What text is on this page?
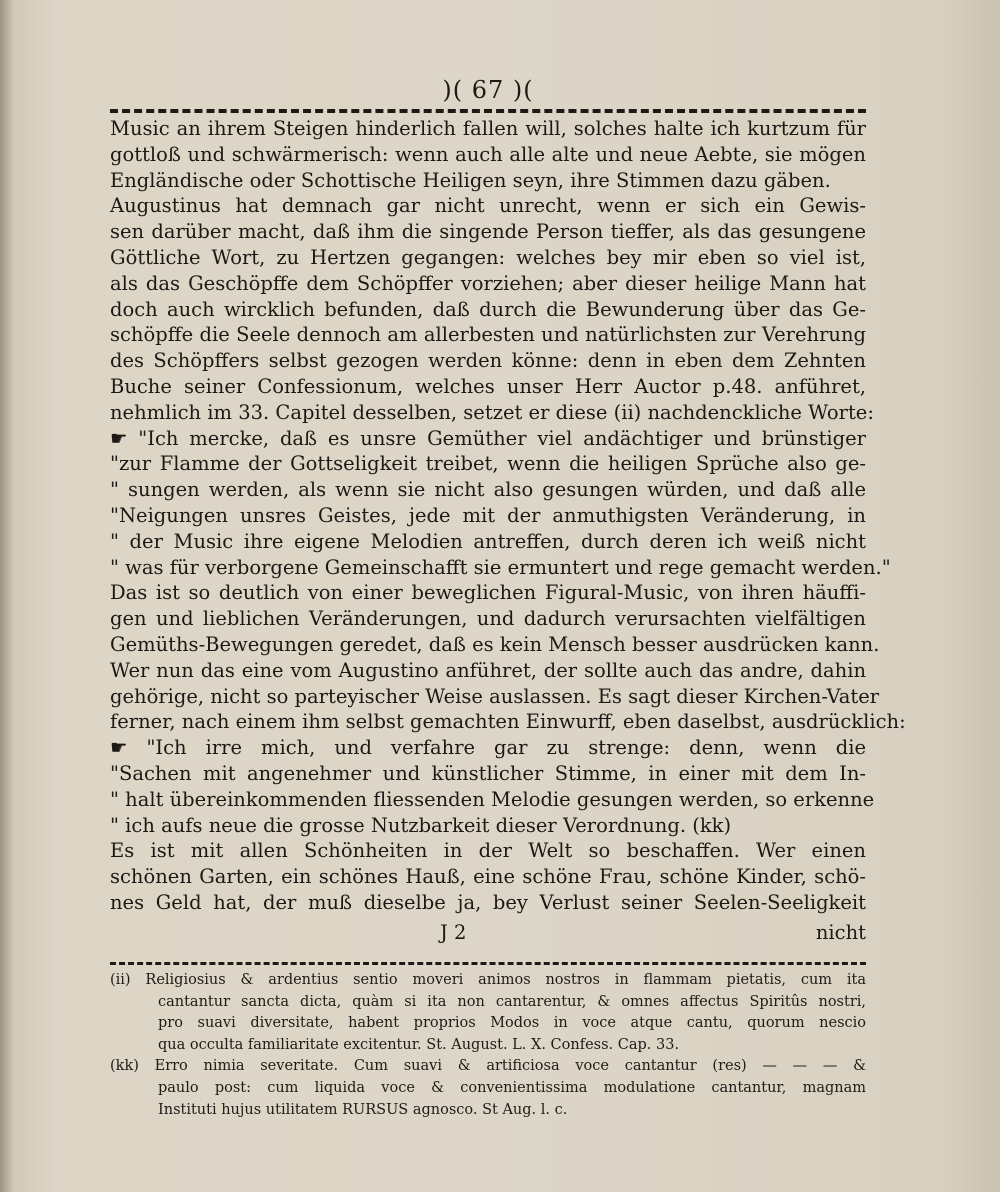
)( 67 )(
Music an ihrem Steigen hinderlich fallen will, solches halte ich kurtzum für
gottloß und schwärmerisch: wenn auch alle alte und neue Aebte, sie mögen
Engländische oder Schottische Heiligen seyn, ihre Stimmen dazu gäben.
Augustinus hat demnach gar nicht unrecht, wenn er sich ein Gewis-
sen darüber macht, daß ihm die singende Person tieffer, als das gesungene
Göttliche Wort, zu Hertzen gegangen: welches bey mir eben so viel ist,
als das Geschöpffe dem Schöpffer vorziehen; aber dieser heilige Mann hat
doch auch wircklich befunden, daß durch die Bewunderung über das Ge-
schöpffe die Seele dennoch am allerbesten und natürlichsten zur Verehrung
des Schöpffers selbst gezogen werden könne: denn in eben dem Zehnten
Buche seiner Confessionum, welches unser Herr Auctor p.48. anführet,
nehmlich im 33. Capitel desselben, setzet er diese (ii) nachdenckliche Worte:
☛ "Ich mercke, daß es unsre Gemüther viel andächtiger und brünstiger
"zur Flamme der Gottseligkeit treibet, wenn die heiligen Sprüche also ge-
" sungen werden, als wenn sie nicht also gesungen würden, und daß alle
"Neigungen unsres Geistes, jede mit der anmuthigsten Veränderung, in
" der Music ihre eigene Melodien antreffen, durch deren ich weiß nicht
" was für verborgene Gemeinschafft sie ermuntert und rege gemacht werden."
Das ist so deutlich von einer beweglichen Figural-Music, von ihren häuffi-
gen und lieblichen Veränderungen, und dadurch verursachten vielfältigen
Gemüths-Bewegungen geredet, daß es kein Mensch besser ausdrücken kann.
Wer nun das eine vom Augustino anführet, der sollte auch das andre, dahin
gehörige, nicht so parteyischer Weise auslassen. Es sagt dieser Kirchen-Vater
ferner, nach einem ihm selbst gemachten Einwurff, eben daselbst, ausdrücklich:
☛ "Ich irre mich, und verfahre gar zu strenge: denn, wenn die
"Sachen mit angenehmer und künstlicher Stimme, in einer mit dem In-
" halt übereinkommenden fliessenden Melodie gesungen werden, so erkenne
" ich aufs neue die grosse Nutzbarkeit dieser Verordnung. (kk)
Es ist mit allen Schönheiten in der Welt so beschaffen. Wer einen
schönen Garten, ein schönes Hauß, eine schöne Frau, schöne Kinder, schö-
nes Geld hat, der muß dieselbe ja, bey Verlust seiner Seelen-Seeligkeit
J 2	nicht
(ii) Religiosius & ardentius sentio moveri animos nostros in flammam pietatis, cum ita
cantantur sancta dicta, quàm si ita non cantarentur, & omnes affectus Spiritûs nostri,
pro suavi diversitate, habent proprios Modos in voce atque cantu, quorum nescio
qua occulta familiaritate excitentur. St. August. L. X. Confess. Cap. 33.
(kk) Erro nimia severitate. Cum suavi & artificiosa voce cantantur (res) — — — &
paulo post: cum liquida voce & convenientissima modulatione cantantur, magnam
Instituti hujus utilitatem RURSUS agnosco. St Aug. l. c.
